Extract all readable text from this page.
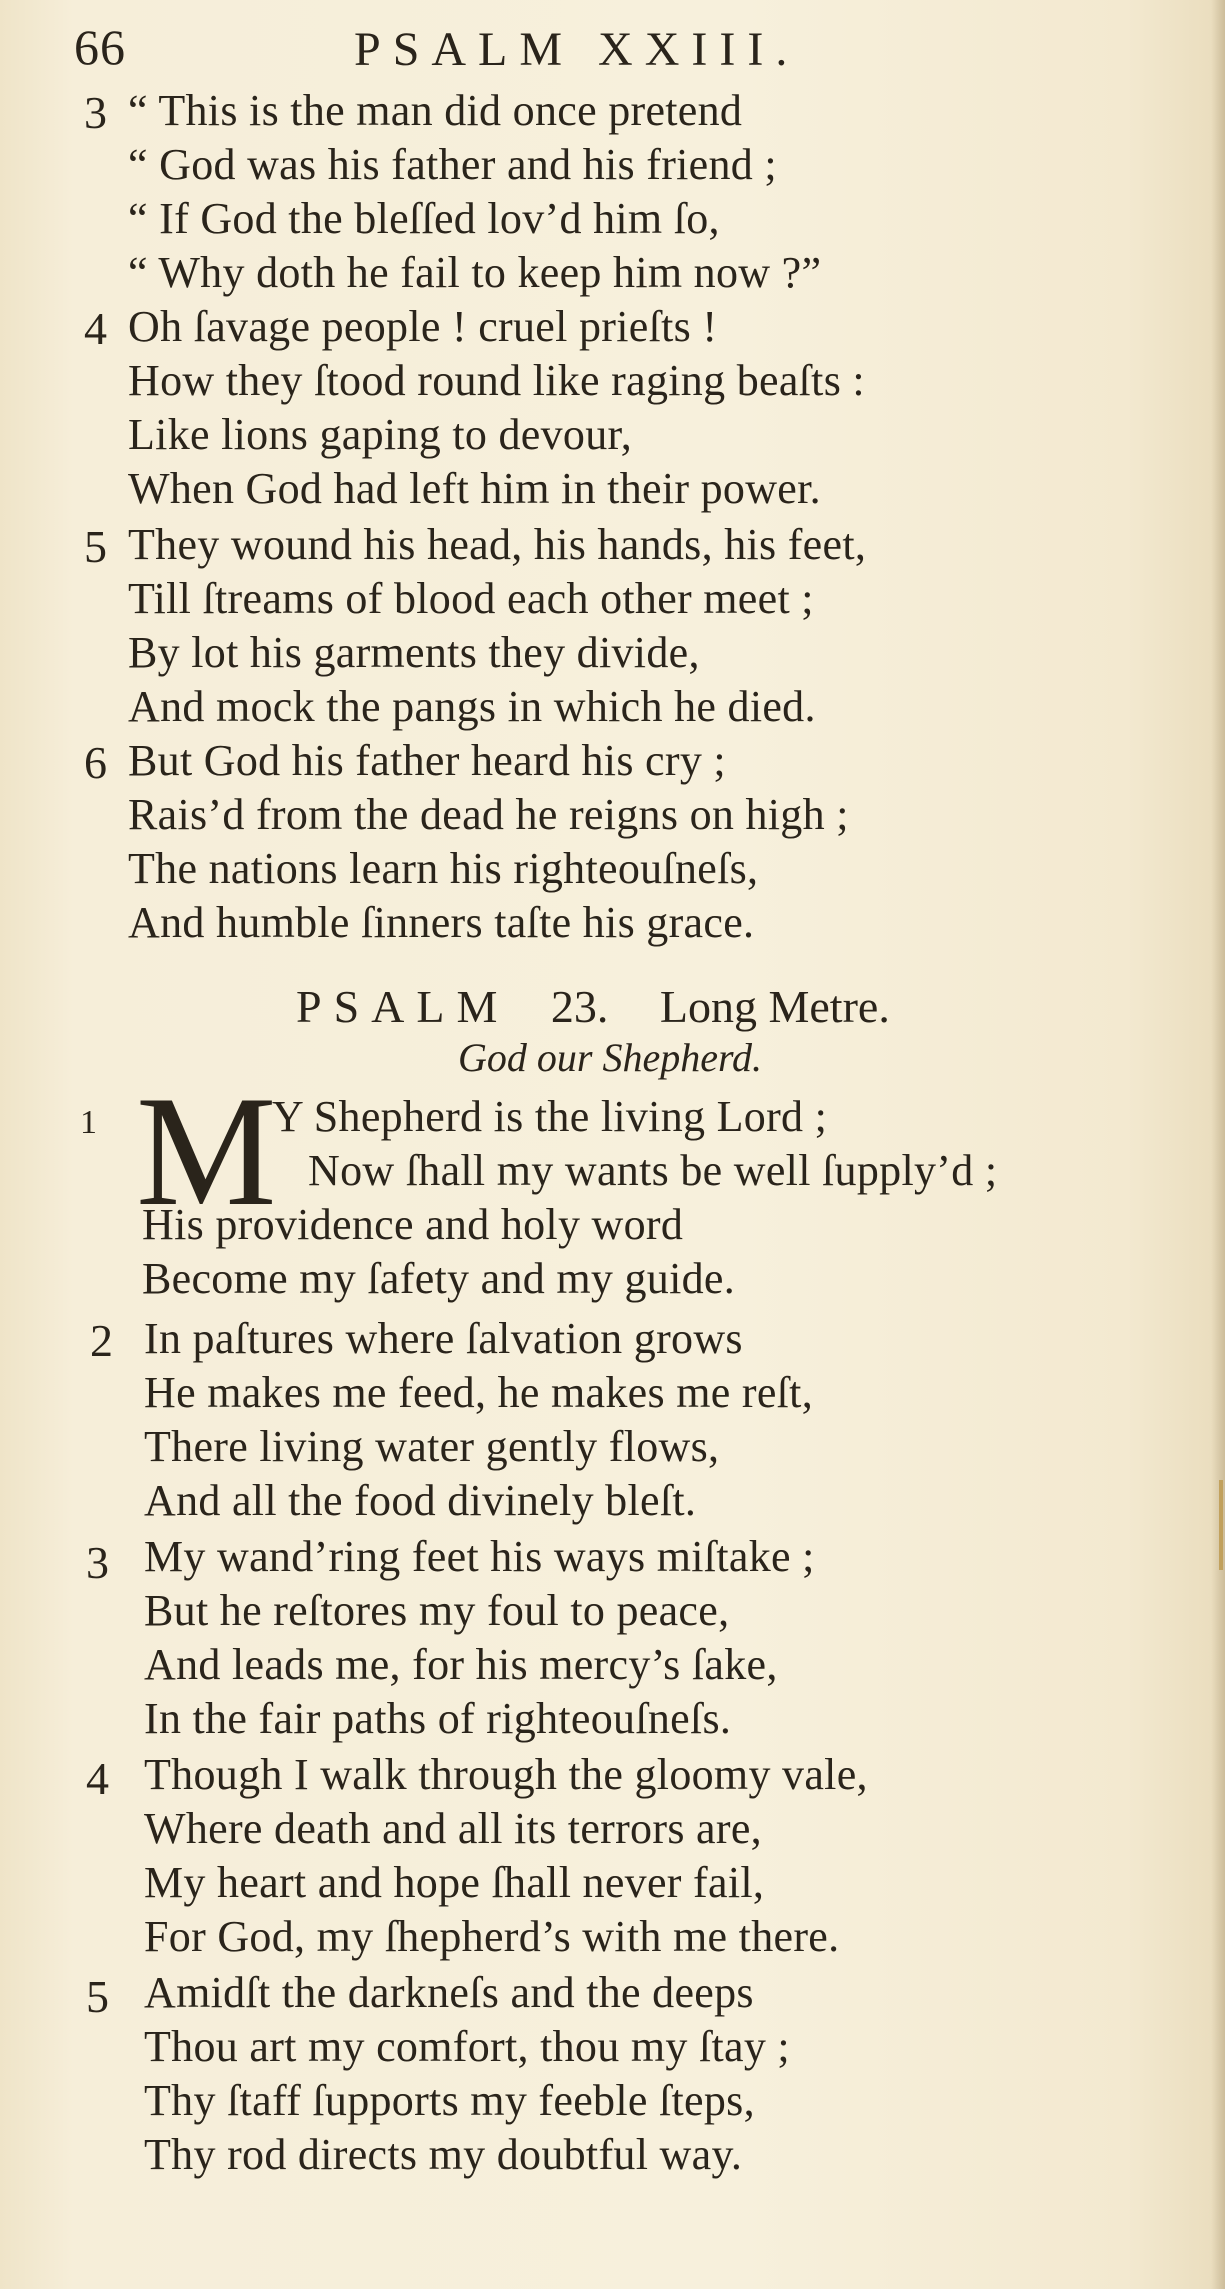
66	PSALM XXIII.
3 “ This is the man did once pretend
“ God was his father and his friend ;
“ If God the bleſſed lov’d him ſo,
“ Why doth he fail to keep him now ?”
4 Oh ſavage people ! cruel prieſts !
How they ſtood round like raging beaſts :
Like lions gaping to devour,
When God had left him in their power.
5 They wound his head, his hands, his feet,
Till ſtreams of blood each other meet ;
By lot his garments they divide,
And mock the pangs in which he died.
6 But God his father heard his cry ;
Rais’d from the dead he reigns on high ;
The nations learn his righteouſneſs,
And humble ſinners taſte his grace.
PSALM 23. Long Metre.
God our Shepherd.
1 M
Y Shepherd is the living Lord ;
Now ſhall my wants be well ſupply’d ;
His providence and holy word
Become my ſafety and my guide.
2 In paſtures where ſalvation grows
He makes me feed, he makes me reſt,
There living water gently flows,
And all the food divinely bleſt.
3 My wand’ring feet his ways miſtake ;
But he reſtores my foul to peace,
And leads me, for his mercy’s ſake,
In the fair paths of righteouſneſs.
4 Though I walk through the gloomy vale,
Where death and all its terrors are,
My heart and hope ſhall never fail,
For God, my ſhepherd’s with me there.
5 Amidſt the darkneſs and the deeps
Thou art my comfort, thou my ſtay ;
Thy ſtaff ſupports my feeble ſteps,
Thy rod directs my doubtful way.
